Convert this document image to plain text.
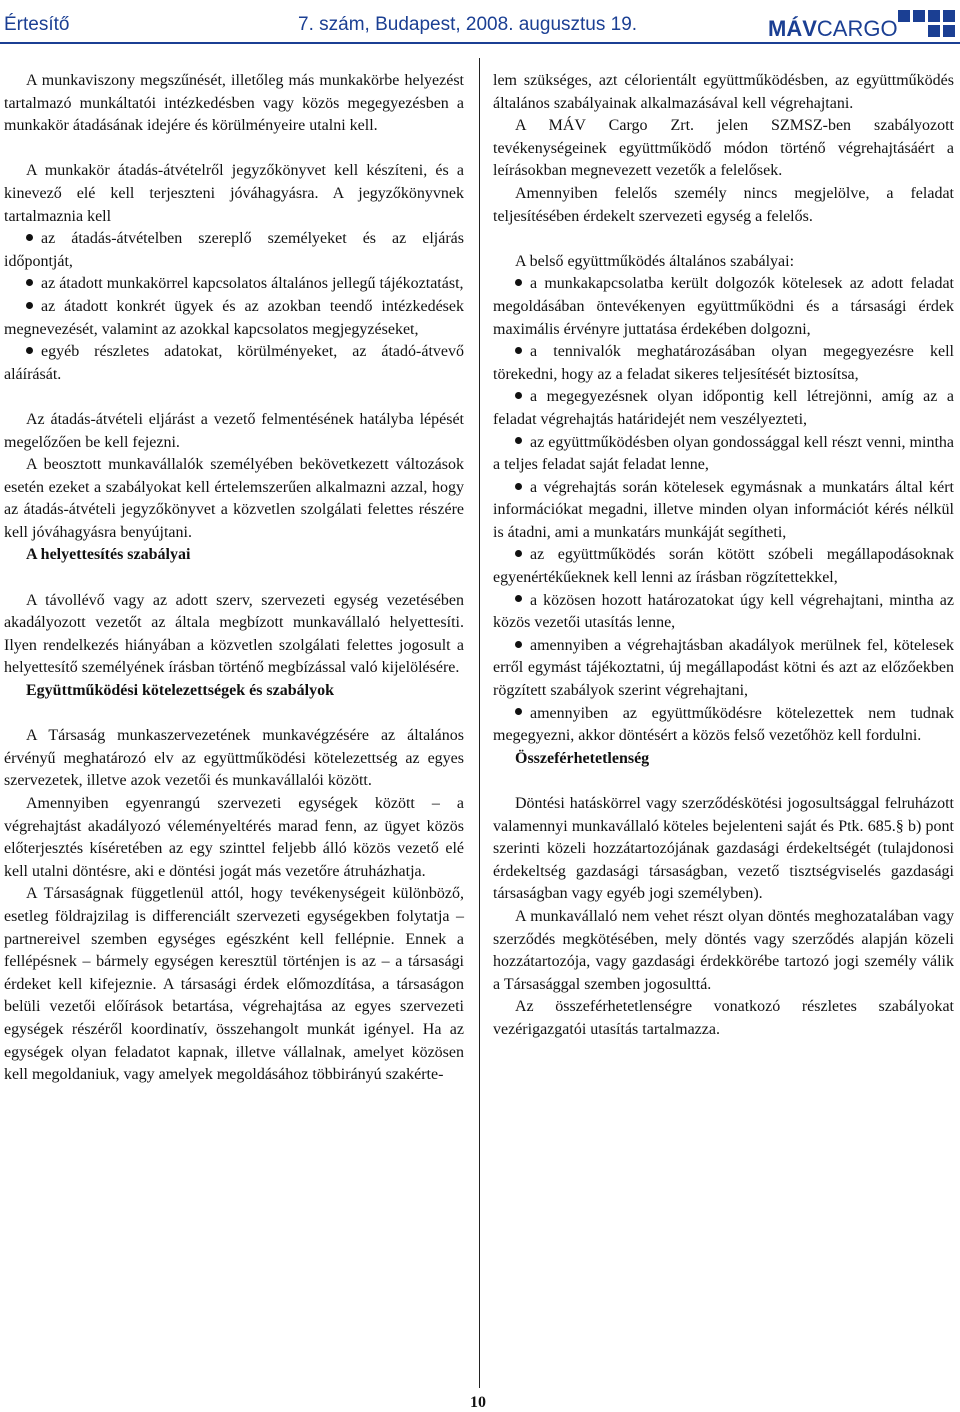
Értesítő	7. szám, Budapest, 2008. augusztus 19.	MÁVCARGO

A munkaviszony megszűnését, illetőleg más munkakörbe helyezést tartalmazó munkáltatói intézkedésben vagy közös megegyezésben a munkakör átadásának idejére és körülményeire utalni kell.

A munkakör átadás-átvételről jegyzőkönyvet kell készíteni, és a kinevező elé kell terjeszteni jóváhagyásra. A jegyzőkönyvnek tartalmaznia kell

az átadás-átvételben szereplő személyeket és az eljárás időpontját,

az átadott munkakörrel kapcsolatos általános jellegű tájékoztatást,

az átadott konkrét ügyek és az azokban teendő intézkedések megnevezését, valamint az azokkal kapcsolatos megjegyzéseket,

egyéb részletes adatokat, körülményeket, az átadó-átvevő aláírását.

Az átadás-átvételi eljárást a vezető felmentésének hatályba lépését megelőzően be kell fejezni.

A beosztott munkavállalók személyében bekövetkezett változások esetén ezeket a szabályokat kell értelemszerűen alkalmazni azzal, hogy az átadás-átvételi jegyzőkönyvet a közvetlen szolgálati felettes részére kell jóváhagyásra benyújtani.

A helyettesítés szabályai

A távollévő vagy az adott szerv, szervezeti egység vezetésében akadályozott vezetőt az általa megbízott munkavállaló helyettesíti. Ilyen rendelkezés hiányában a közvetlen szolgálati felettes jogosult a helyettesítő személyének írásban történő megbízással való kijelölésére.

Együttműködési kötelezettségek és szabályok

A Társaság munkaszervezetének munkavégzésére az általános érvényű meghatározó elv az együttműködési kötelezettség az egyes szervezetek, illetve azok vezetői és munkavállalói között.

Amennyiben egyenrangú szervezeti egységek között – a végrehajtást akadályozó véleményeltérés marad fenn, az ügyet közös előterjesztés kíséretében az egy szinttel feljebb álló közös vezető elé kell utalni döntésre, aki e döntési jogát más vezetőre átruházhatja.

A Társaságnak függetlenül attól, hogy tevékenységeit különböző, esetleg földrajzilag is differenciált szervezeti egységekben folytatja – partnereivel szemben egységes egészként kell fellépnie. Ennek a fellépésnek – bármely egységen keresztül történjen is az – a társasági érdeket kell kifejeznie. A társasági érdek előmozdítása, a társaságon belüli vezetői előírások betartása, végrehajtása az egyes szervezeti egységek részéről koordinatív, összehangolt munkát igényel. Ha az egységek olyan feladatot kapnak, illetve vállalnak, amelyet közösen kell megoldaniuk, vagy amelyek megoldásához többirányú szakérte-

lem szükséges, azt célorientált együttműködésben, az együttműködés általános szabályainak alkalmazásával kell végrehajtani.

A MÁV Cargo Zrt. jelen SZMSZ-ben szabályozott tevékenységeinek együttműködő módon történő végrehajtásáért a leírásokban megnevezett vezetők a felelősek.

Amennyiben felelős személy nincs megjelölve, a feladat teljesítésében érdekelt szervezeti egység a felelős.

A belső együttműködés általános szabályai:

a munkakapcsolatba került dolgozók kötelesek az adott feladat megoldásában öntevékenyen együttműködni és a társasági érdek maximális érvényre juttatása érdekében dolgozni,

a tennivalók meghatározásában olyan megegyezésre kell törekedni, hogy az a feladat sikeres teljesítését biztosítsa,

a megegyezésnek olyan időpontig kell létrejönni, amíg az a feladat végrehajtás határidejét nem veszélyezteti,

az együttműködésben olyan gondossággal kell részt venni, mintha a teljes feladat saját feladat lenne,

a végrehajtás során kötelesek egymásnak a munkatárs által kért információkat megadni, illetve minden olyan információt kérés nélkül is átadni, ami a munkatárs munkáját segítheti,

az együttműködés során kötött szóbeli megállapodásoknak egyenértékűeknek kell lenni az írásban rögzítettekkel,

a közösen hozott határozatokat úgy kell végrehajtani, mintha az közös vezetői utasítás lenne,

amennyiben a végrehajtásban akadályok merülnek fel, kötelesek erről egymást tájékoztatni, új megállapodást kötni és azt az előzőekben rögzített szabályok szerint végrehajtani,

amennyiben az együttműködésre kötelezettek nem tudnak megegyezni, akkor döntésért a közös felső vezetőhöz kell fordulni.

Összeférhetetlenség

Döntési hatáskörrel vagy szerződéskötési jogosultsággal felruházott valamennyi munkavállaló köteles bejelenteni saját és Ptk. 685.§ b) pont szerinti közeli hozzátartozójának gazdasági érdekeltségét (tulajdonosi érdekeltség gazdasági társaságban, vezető tisztségviselés gazdasági társaságban vagy egyéb jogi személyben).

A munkavállaló nem vehet részt olyan döntés meghozatalában vagy szerződés megkötésében, mely döntés vagy szerződés alapján közeli hozzátartozója, vagy gazdasági érdekkörébe tartozó jogi személy válik a Társasággal szemben jogosulttá.

Az összeférhetetlenségre vonatkozó részletes szabályokat vezérigazgatói utasítás tartalmazza.

10
